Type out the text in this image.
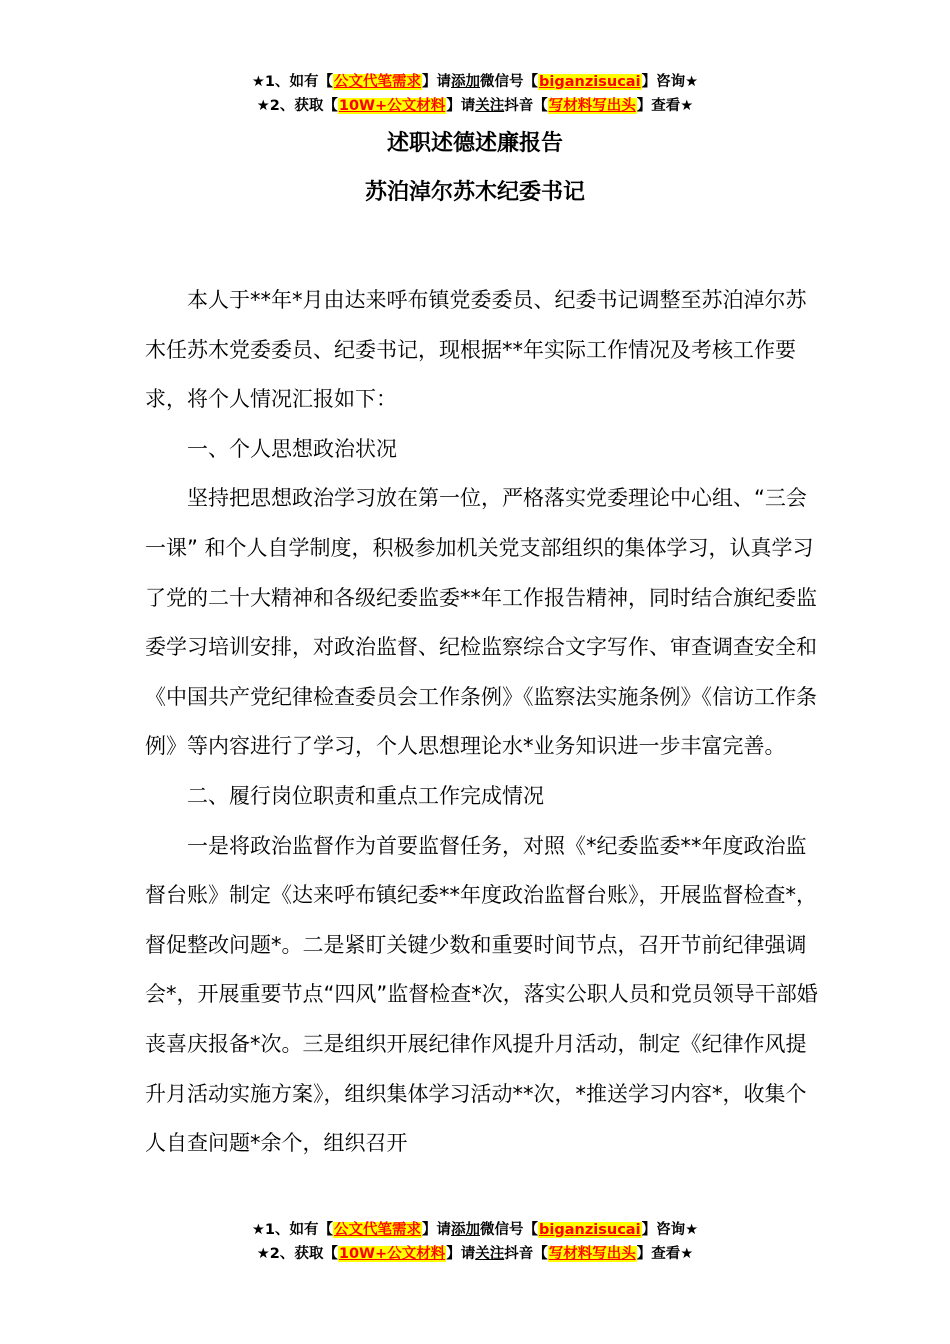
★1、如有【公文代笔需求】请添加微信号【biganzisucai】咨询★
★2、获取【10W+公文材料】请关注抖音【写材料写出头】查看★
述职述德述廉报告
苏泊淖尔苏木纪委书记

本人于**年*月由达来呼布镇党委委员、纪委书记调整至苏泊淖尔苏木任苏木党委委员、纪委书记，现根据**年实际工作情况及考核工作要求，将个人情况汇报如下：

一、个人思想政治状况

坚持把思想政治学习放在第一位，严格落实党委理论中心组、“三会一课” 和个人自学制度，积极参加机关党支部组织的集体学习，认真学习了党的二十大精神和各级纪委监委**年工作报告精神，同时结合旗纪委监委学习培训安排，对政治监督、纪检监察综合文字写作、审查调查安全和《中国共产党纪律检查委员会工作条例》《监察法实施条例》《信访工作条例》等内容进行了学习，个人思想理论水*业务知识进一步丰富完善。

二、履行岗位职责和重点工作完成情况

一是将政治监督作为首要监督任务，对照《*纪委监委**年度政治监督台账》制定《达来呼布镇纪委**年度政治监督台账》，开展监督检查*，督促整改问题*。二是紧盯关键少数和重要时间节点，召开节前纪律强调会*，开展重要节点“四风”监督检查*次，落实公职人员和党员领导干部婚丧喜庆报备*次。三是组织开展纪律作风提升月活动，制定《纪律作风提升月活动实施方案》，组织集体学习活动**次，*推送学习内容*，收集个人自查问题*余个，组织召开

★1、如有【公文代笔需求】请添加微信号【biganzisucai】咨询★
★2、获取【10W+公文材料】请关注抖音【写材料写出头】查看★
